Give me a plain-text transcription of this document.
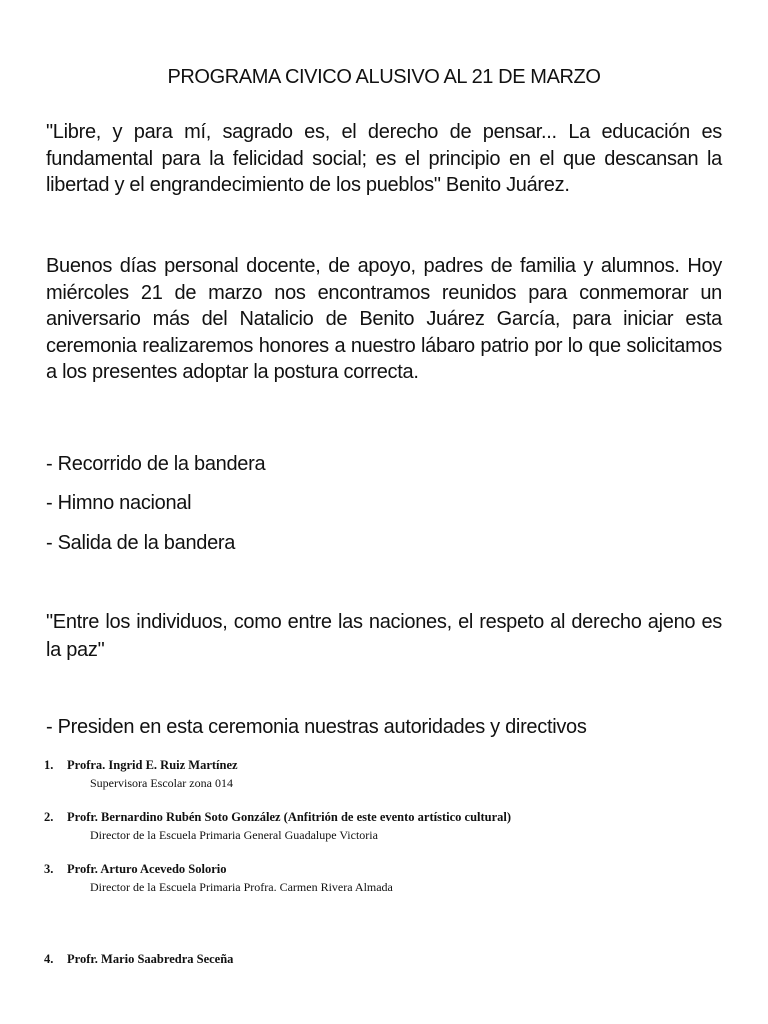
PROGRAMA CIVICO ALUSIVO AL 21 DE MARZO
"Libre, y para mí, sagrado es, el derecho de pensar... La educación es fundamental para la felicidad social; es el principio en el que descansan la libertad y el engrandecimiento de los pueblos" Benito Juárez.
Buenos días personal docente, de apoyo, padres de familia y alumnos. Hoy miércoles 21 de marzo nos encontramos reunidos para conmemorar un aniversario más del Natalicio de Benito Juárez García, para iniciar esta ceremonia realizaremos honores a nuestro lábaro patrio por lo que solicitamos a los presentes adoptar la postura correcta.
- Recorrido de la bandera
- Himno nacional
- Salida de la bandera
"Entre los individuos, como entre las naciones, el respeto al derecho ajeno es la paz"
- Presiden en esta ceremonia nuestras autoridades y directivos
1. Profra. Ingrid E. Ruiz Martínez
Supervisora Escolar zona 014
2. Profr. Bernardino Rubén Soto González (Anfitrión de este evento artístico cultural)
Director de la Escuela Primaria General Guadalupe Victoria
3. Profr. Arturo Acevedo Solorio
Director de la Escuela Primaria Profra. Carmen Rivera Almada
4. Profr. Mario Saabredra Seceña
